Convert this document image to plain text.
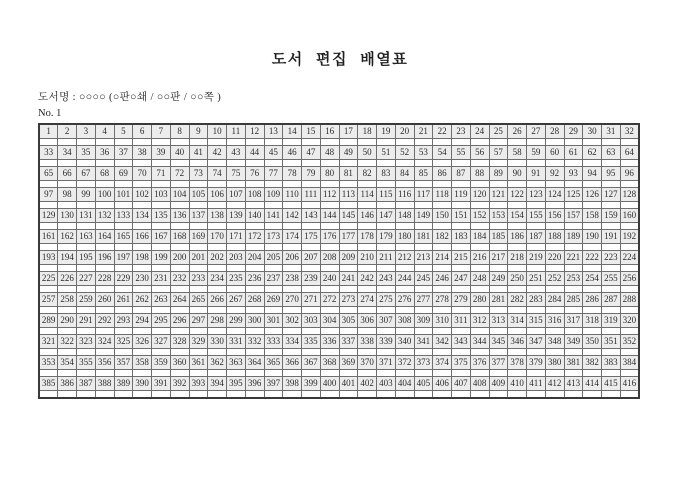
도서 편집 배열표
도서명 : ○○○○ (○판○쇄 / ○○판 / ○○쪽 )
No. 1
1	2	3	4	5	6	7	8	9	10	11	12	13	14	15	16	17	18	19	20	21	22	23	24	25	26	27	28	29	30	31	32

33	34	35	36	37	38	39	40	41	42	43	44	45	46	47	48	49	50	51	52	53	54	55	56	57	58	59	60	61	62	63	64

65	66	67	68	69	70	71	72	73	74	75	76	77	78	79	80	81	82	83	84	85	86	87	88	89	90	91	92	93	94	95	96

97	98	99	100	101	102	103	104	105	106	107	108	109	110	111	112	113	114	115	116	117	118	119	120	121	122	123	124	125	126	127	128

129	130	131	132	133	134	135	136	137	138	139	140	141	142	143	144	145	146	147	148	149	150	151	152	153	154	155	156	157	158	159	160

161	162	163	164	165	166	167	168	169	170	171	172	173	174	175	176	177	178	179	180	181	182	183	184	185	186	187	188	189	190	191	192

193	194	195	196	197	198	199	200	201	202	203	204	205	206	207	208	209	210	211	212	213	214	215	216	217	218	219	220	221	222	223	224

225	226	227	228	229	230	231	232	233	234	235	236	237	238	239	240	241	242	243	244	245	246	247	248	249	250	251	252	253	254	255	256

257	258	259	260	261	262	263	264	265	266	267	268	269	270	271	272	273	274	275	276	277	278	279	280	281	282	283	284	285	286	287	288

289	290	291	292	293	294	295	296	297	298	299	300	301	302	303	304	305	306	307	308	309	310	311	312	313	314	315	316	317	318	319	320

321	322	323	324	325	326	327	328	329	330	331	332	333	334	335	336	337	338	339	340	341	342	343	344	345	346	347	348	349	350	351	352

353	354	355	356	357	358	359	360	361	362	363	364	365	366	367	368	369	370	371	372	373	374	375	376	377	378	379	380	381	382	383	384

385	386	387	388	389	390	391	392	393	394	395	396	397	398	399	400	401	402	403	404	405	406	407	408	409	410	411	412	413	414	415	416
